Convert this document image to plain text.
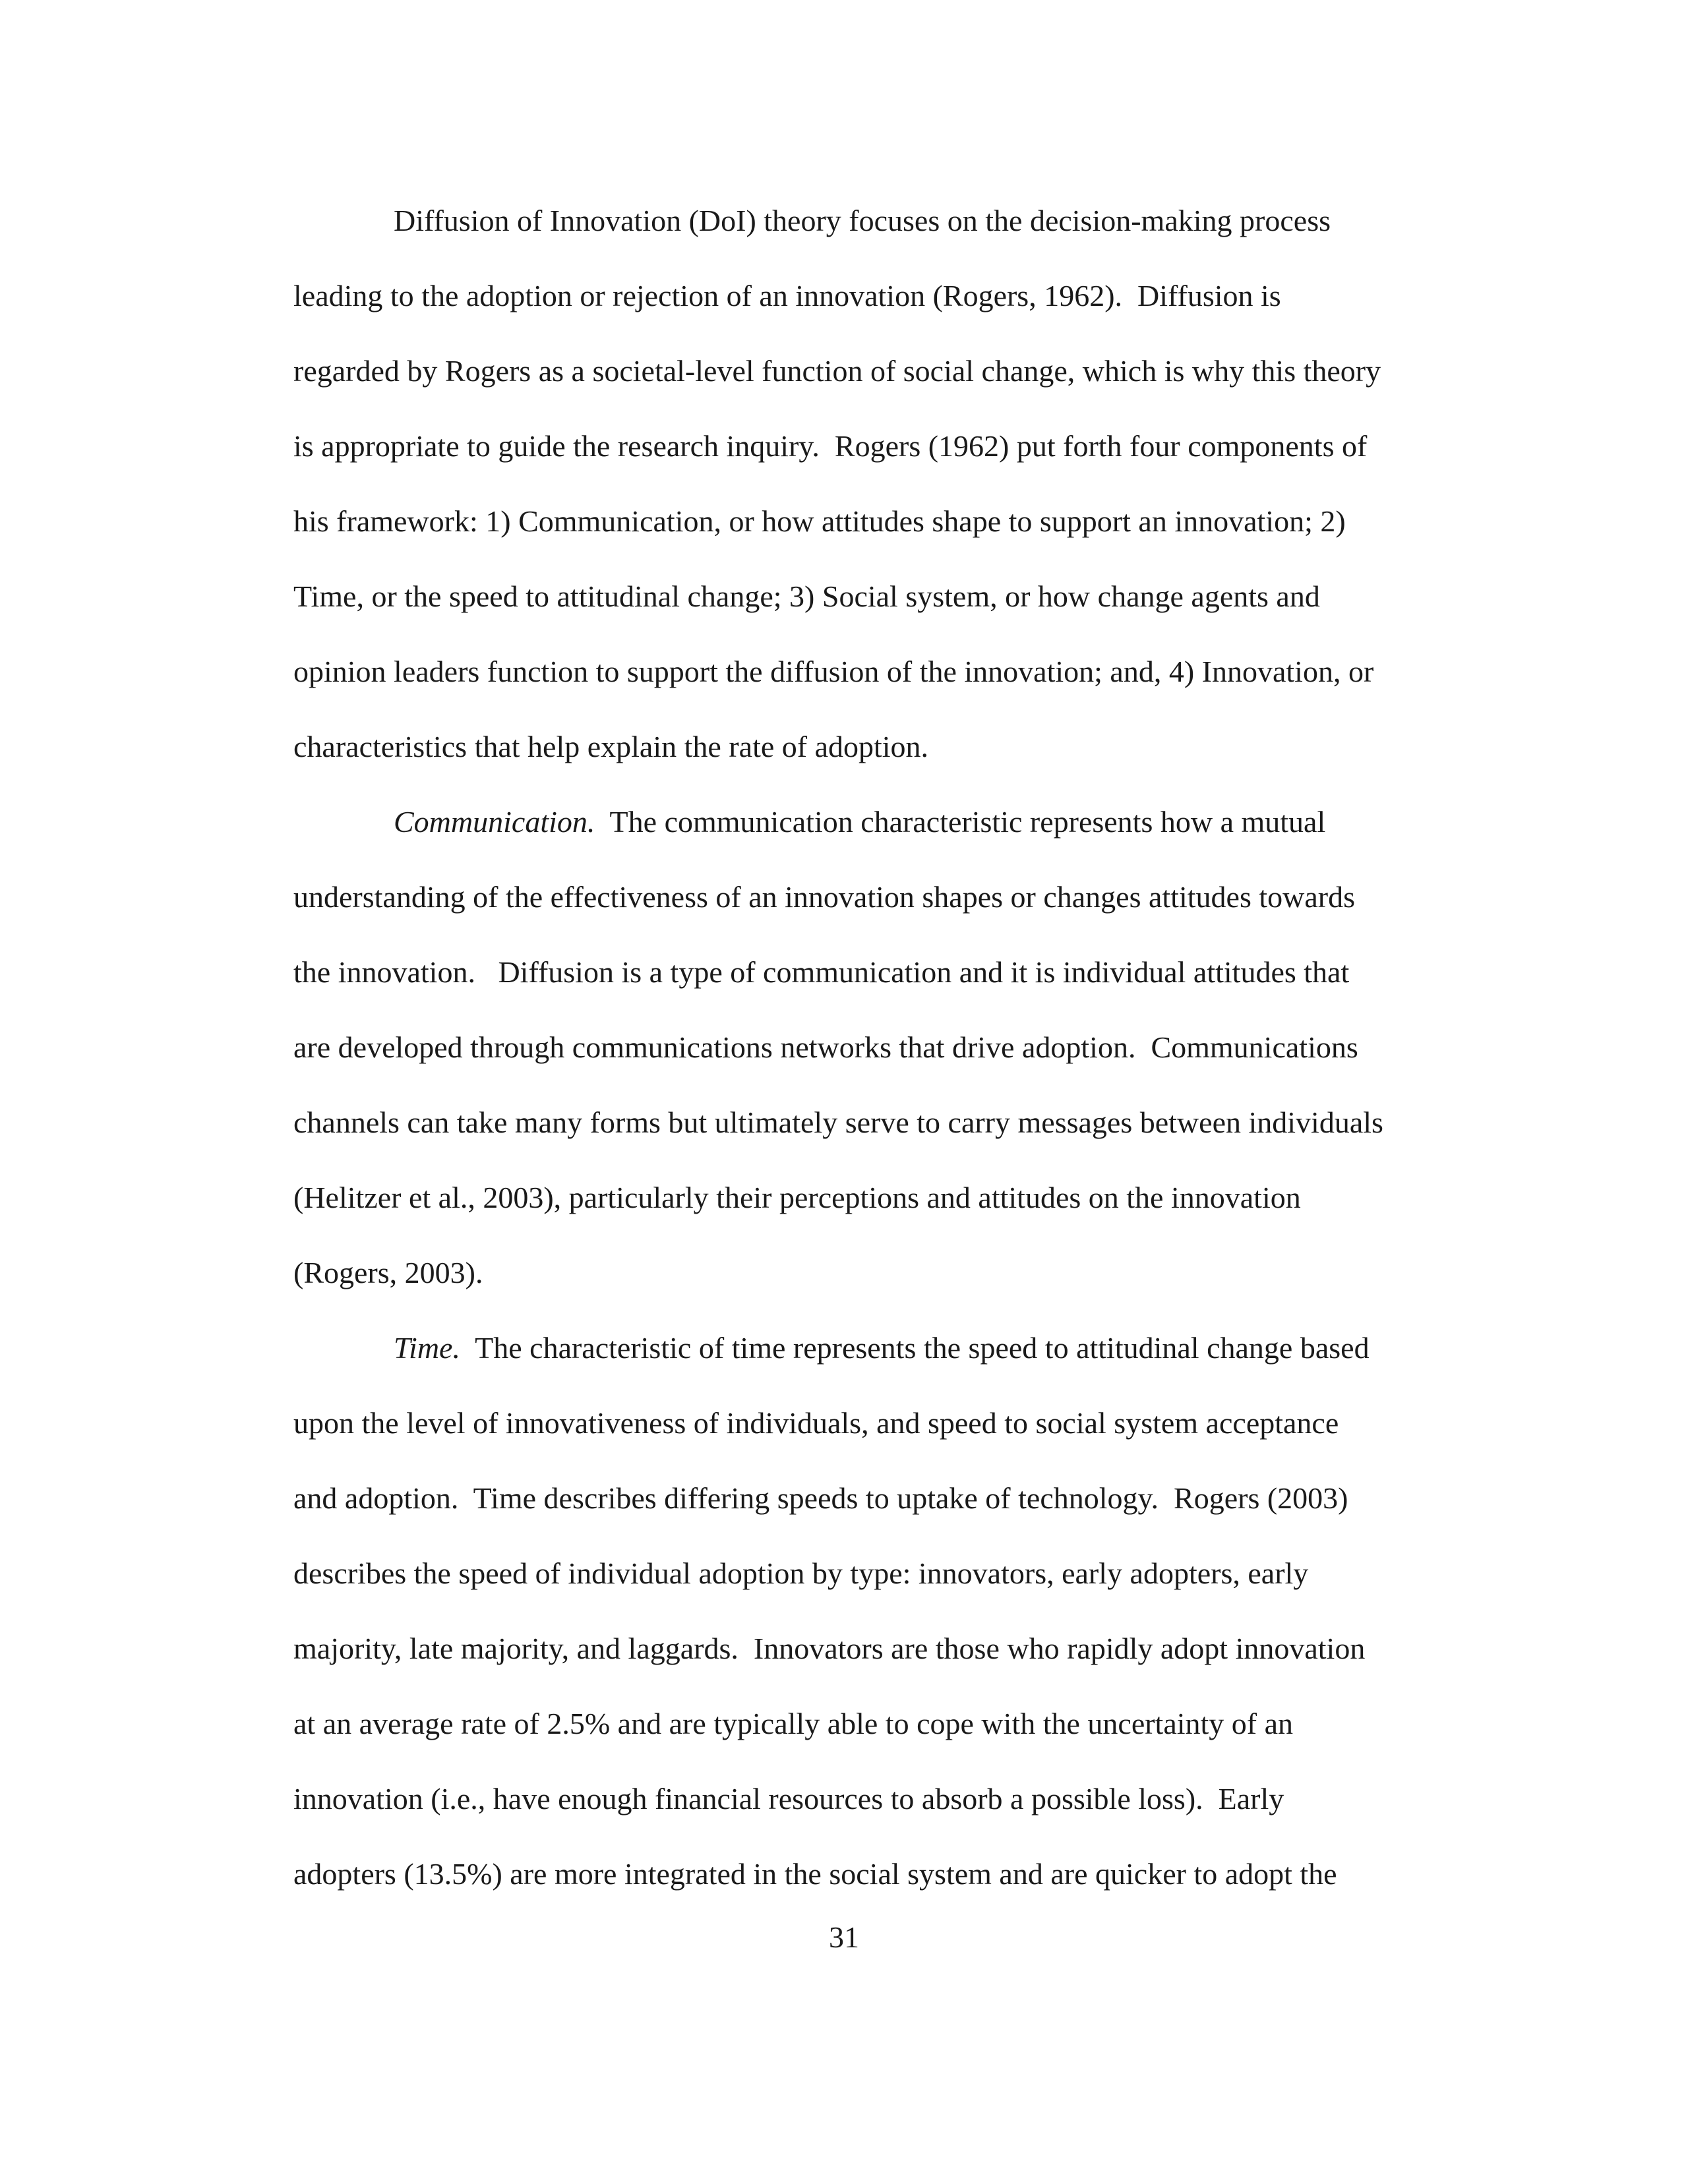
Diffusion of Innovation (DoI) theory focuses on the decision-making process
leading to the adoption or rejection of an innovation (Rogers, 1962).  Diffusion is
regarded by Rogers as a societal-level function of social change, which is why this theory
is appropriate to guide the research inquiry.  Rogers (1962) put forth four components of
his framework: 1) Communication, or how attitudes shape to support an innovation; 2)
Time, or the speed to attitudinal change; 3) Social system, or how change agents and
opinion leaders function to support the diffusion of the innovation; and, 4) Innovation, or
characteristics that help explain the rate of adoption.
Communication.  The communication characteristic represents how a mutual
understanding of the effectiveness of an innovation shapes or changes attitudes towards
the innovation.   Diffusion is a type of communication and it is individual attitudes that
are developed through communications networks that drive adoption.  Communications
channels can take many forms but ultimately serve to carry messages between individuals
(Helitzer et al., 2003), particularly their perceptions and attitudes on the innovation
(Rogers, 2003).
Time.  The characteristic of time represents the speed to attitudinal change based
upon the level of innovativeness of individuals, and speed to social system acceptance
and adoption.  Time describes differing speeds to uptake of technology.  Rogers (2003)
describes the speed of individual adoption by type: innovators, early adopters, early
majority, late majority, and laggards.  Innovators are those who rapidly adopt innovation
at an average rate of 2.5% and are typically able to cope with the uncertainty of an
innovation (i.e., have enough financial resources to absorb a possible loss).  Early
adopters (13.5%) are more integrated in the social system and are quicker to adopt the
31
